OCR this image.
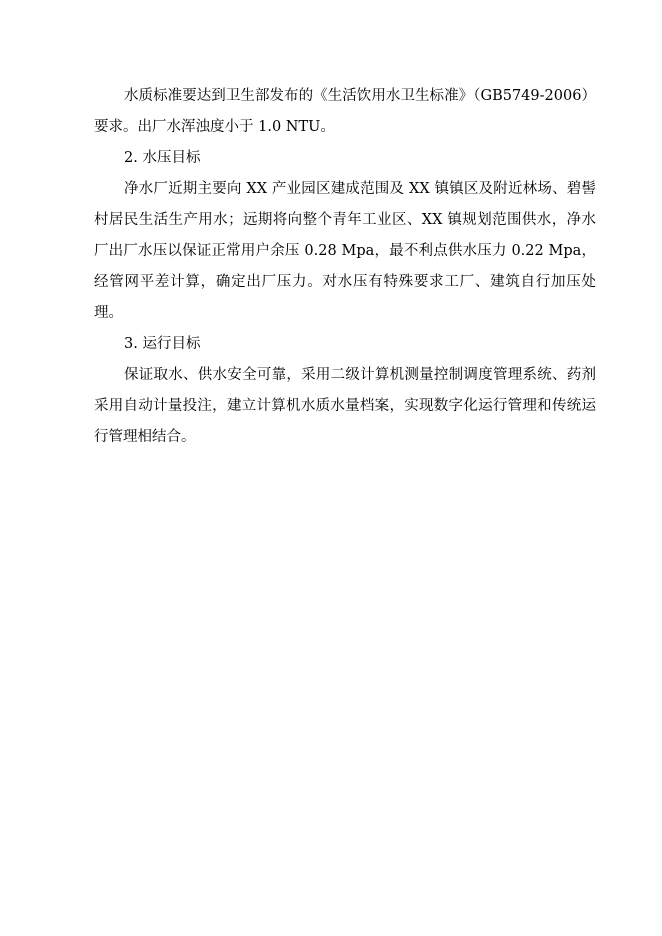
水质标准要达到卫生部发布的《生活饮用水卫生标准》（GB5749-2006）要求。出厂水浑浊度小于 1.0 NTU。

2. 水压目标

净水厂近期主要向 XX 产业园区建成范围及 XX 镇镇区及附近林场、碧髻村居民生活生产用水；远期将向整个青年工业区、XX 镇规划范围供水，净水厂出厂水压以保证正常用户余压 0.28 Mpa，最不利点供水压力 0.22 Mpa，经管网平差计算，确定出厂压力。对水压有特殊要求工厂、建筑自行加压处理。

3. 运行目标

保证取水、供水安全可靠，采用二级计算机测量控制调度管理系统、药剂采用自动计量投注，建立计算机水质水量档案，实现数字化运行管理和传统运行管理相结合。
